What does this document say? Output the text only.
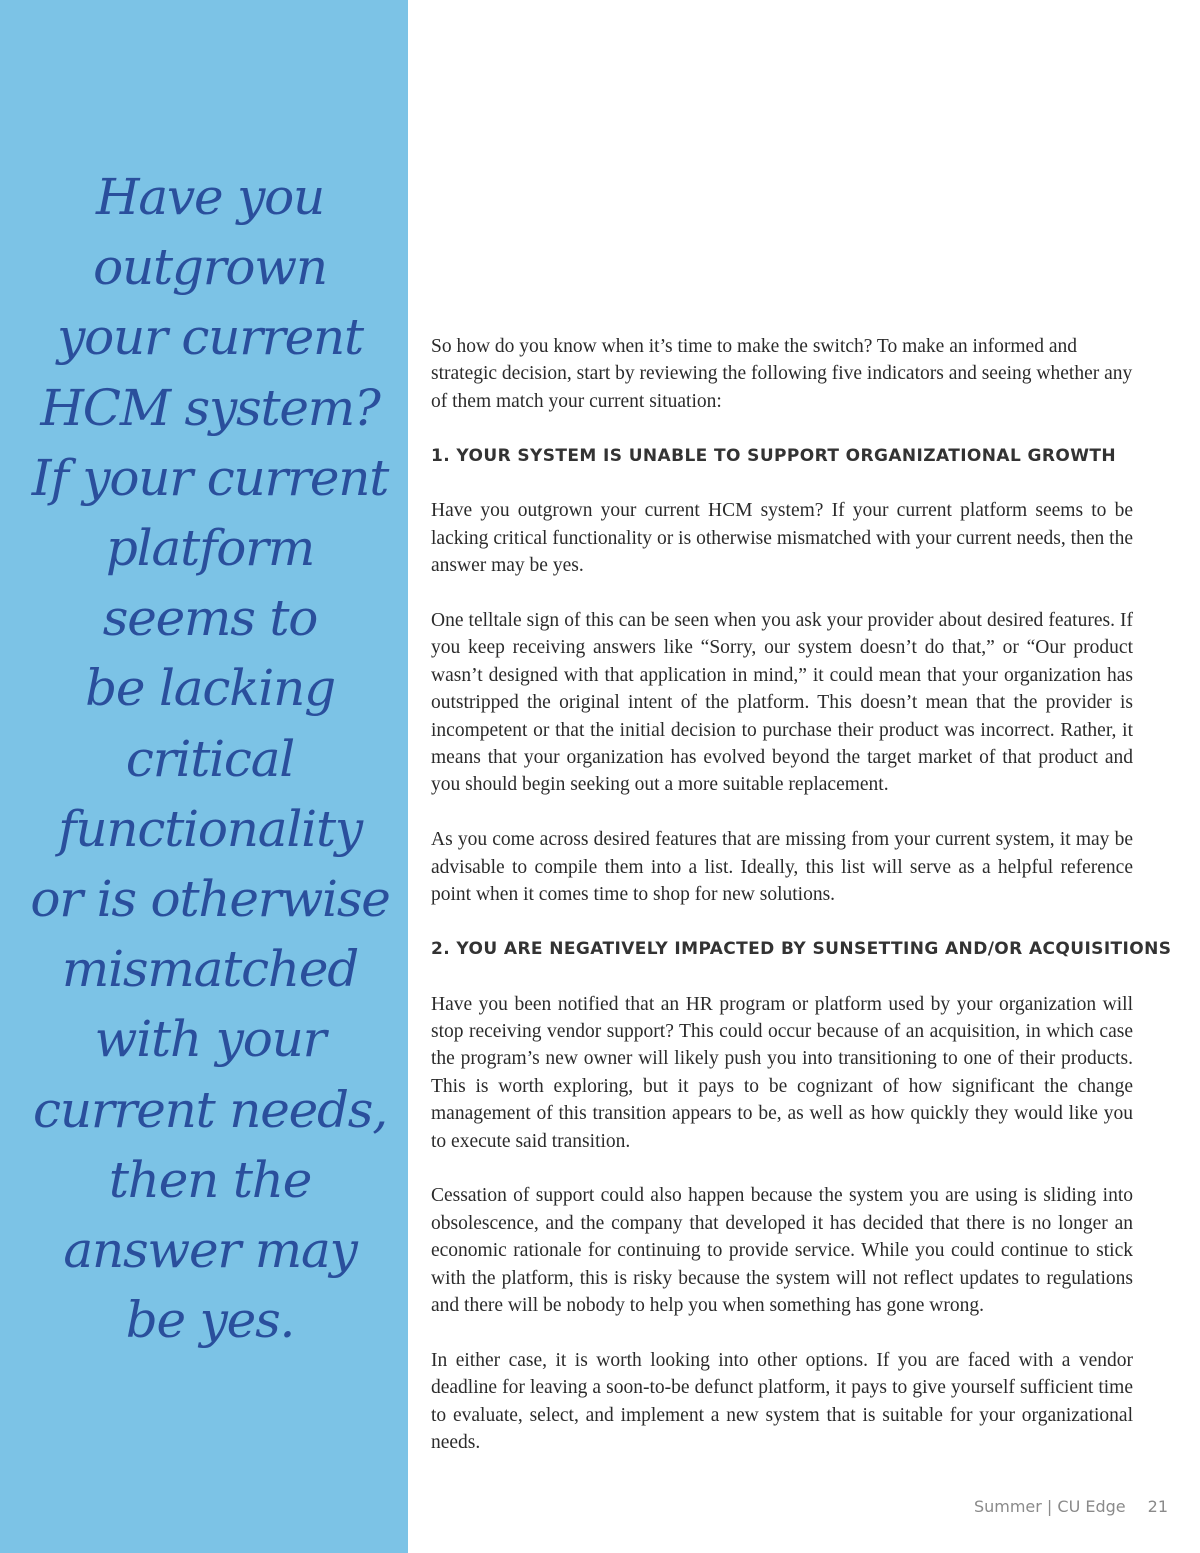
Have you
outgrown
your current
HCM system?
If your current
platform
seems to
be lacking
critical
functionality
or is otherwise
mismatched
with your
current needs,
then the
answer may
be yes.

So how do you know when it’s time to make the switch? To make an informed and strategic decision, start by reviewing the following five indicators and seeing whether any of them match your current situation:

1. YOUR SYSTEM IS UNABLE TO SUPPORT ORGANIZATIONAL GROWTH

Have you outgrown your current HCM system? If your current platform seems to be lacking critical functionality or is otherwise mismatched with your current needs, then the answer may be yes.

One telltale sign of this can be seen when you ask your provider about desired features. If you keep receiving answers like “Sorry, our system doesn’t do that,” or “Our product wasn’t designed with that application in mind,” it could mean that your organization has outstripped the original intent of the platform. This doesn’t mean that the provider is incompetent or that the initial decision to purchase their product was incorrect. Rather, it means that your organization has evolved beyond the target market of that product and you should begin seeking out a more suitable replacement.

As you come across desired features that are missing from your current system, it may be advisable to compile them into a list. Ideally, this list will serve as a helpful reference point when it comes time to shop for new solutions.

2. YOU ARE NEGATIVELY IMPACTED BY SUNSETTING AND/OR ACQUISITIONS

Have you been notified that an HR program or platform used by your organization will stop receiving vendor support? This could occur because of an acquisition, in which case the program’s new owner will likely push you into transitioning to one of their products. This is worth exploring, but it pays to be cognizant of how significant the change management of this transition appears to be, as well as how quickly they would like you to execute said transition.

Cessation of support could also happen because the system you are using is sliding into obsolescence, and the company that developed it has decided that there is no longer an economic rationale for continuing to provide service. While you could continue to stick with the platform, this is risky because the system will not reflect updates to regulations and there will be nobody to help you when something has gone wrong.

In either case, it is worth looking into other options. If you are faced with a vendor deadline for leaving a soon-to-be defunct platform, it pays to give yourself sufficient time to evaluate, select, and implement a new system that is suitable for your organizational needs.

Summer | CU Edge 21
